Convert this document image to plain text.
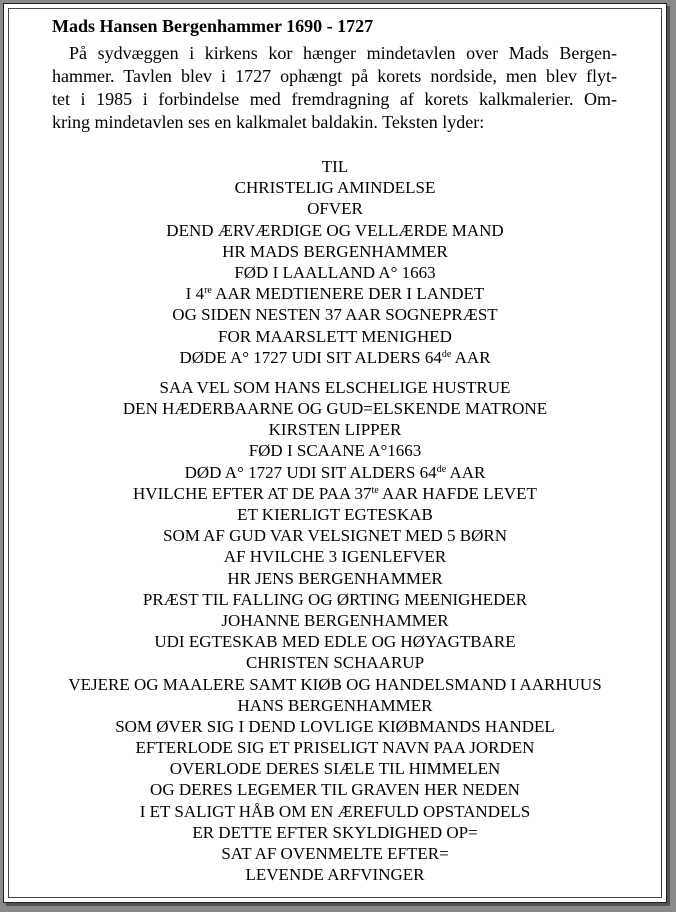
Mads Hansen Bergenhammer 1690 - 1727
På sydvæggen i kirkens kor hænger mindetavlen over Mads Bergen-
hammer. Tavlen blev i 1727 ophængt på korets nordside, men blev flyt-
tet i 1985 i forbindelse med fremdragning af korets kalkmalerier. Om-
kring mindetavlen ses en kalkmalet baldakin. Teksten lyder:
TIL
CHRISTELIG AMINDELSE
OFVER
DEND ÆRVÆRDIGE OG VELLÆRDE MAND
HR MADS BERGENHAMMER
FØD I LAALLAND A° 1663
I 4re AAR MEDTIENERE DER I LANDET
OG SIDEN NESTEN 37 AAR SOGNEPRÆST
FOR MAARSLETT MENIGHED
DØDE A° 1727 UDI SIT ALDERS 64de AAR
SAA VEL SOM HANS ELSCHELIGE HUSTRUE
DEN HÆDERBAARNE OG GUD=ELSKENDE MATRONE
KIRSTEN LIPPER
FØD I SCAANE A°1663
DØD A° 1727 UDI SIT ALDERS 64de AAR
HVILCHE EFTER AT DE PAA $37^{te}$ AAR HAFDE LEVET
ET KIERLIGT EGTESKAB
SOM AF GUD VAR VELSIGNET MED 5 BØRN
AF HVILCHE 3 IGENLEFVER
HR JENS BERGENHAMMER
PRÆST TIL FALLING OG ØRTING MEENIGHEDER
JOHANNE BERGENHAMMER
UDI EGTESKAB MED EDLE OG HØYAGTBARE
CHRISTEN SCHAARUP
VEJERE OG MAALERE SAMT KIØB OG HANDELSMAND I AARHUUS
HANS BERGENHAMMER
SOM ØVER SIG I DEND LOVLIGE KIØBMANDS HANDEL
EFTERLODE SIG ET PRISELIGT NAVN PAA JORDEN
OVERLODE DERES SIÆLE TIL HIMMELEN
OG DERES LEGEMER TIL GRAVEN HER NEDEN
I ET SALIGT HÅB OM EN ÆREFULD OPSTANDELS
ER DETTE EFTER SKYLDIGHED OP=
SAT AF OVENMELTE EFTER=
LEVENDE ARFVINGER
